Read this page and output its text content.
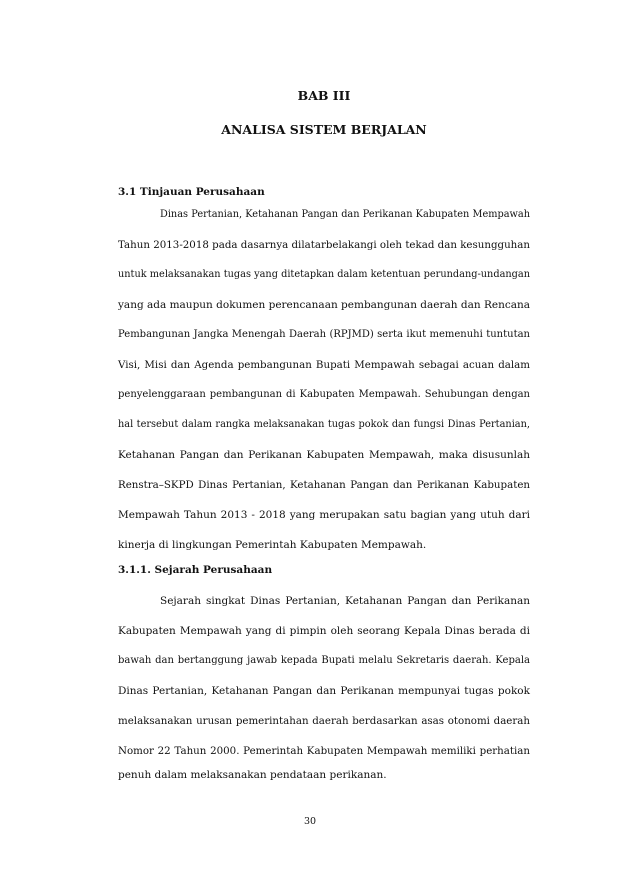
BAB III

ANALISA SISTEM BERJALAN

3.1 Tinjauan Perusahaan

Dinas Pertanian, Ketahanan Pangan dan Perikanan Kabupaten Mempawah

Tahun 2013-2018 pada dasarnya dilatarbelakangi oleh tekad dan kesungguhan

untuk melaksanakan tugas yang ditetapkan dalam ketentuan perundang-undangan

yang ada maupun dokumen perencanaan pembangunan daerah dan Rencana

Pembangunan Jangka Menengah Daerah (RPJMD) serta ikut memenuhi tuntutan

Visi, Misi dan Agenda pembangunan Bupati Mempawah sebagai acuan dalam

penyelenggaraan pembangunan di Kabupaten Mempawah. Sehubungan dengan

hal tersebut dalam rangka melaksanakan tugas pokok dan fungsi Dinas Pertanian,

Ketahanan Pangan dan Perikanan Kabupaten Mempawah, maka disusunlah

Renstra–SKPD Dinas Pertanian, Ketahanan Pangan dan Perikanan Kabupaten

Mempawah Tahun 2013 - 2018 yang merupakan satu bagian yang utuh dari

kinerja di lingkungan Pemerintah Kabupaten Mempawah.

3.1.1. Sejarah Perusahaan

Sejarah singkat Dinas Pertanian, Ketahanan Pangan dan Perikanan

Kabupaten Mempawah yang di pimpin oleh seorang Kepala Dinas berada di

bawah dan bertanggung jawab kepada Bupati melalu Sekretaris daerah. Kepala

Dinas Pertanian, Ketahanan Pangan dan Perikanan mempunyai tugas pokok

melaksanakan urusan pemerintahan daerah berdasarkan asas otonomi daerah

Nomor 22 Tahun 2000. Pemerintah Kabupaten Mempawah memiliki perhatian

penuh dalam melaksanakan pendataan perikanan.

30
